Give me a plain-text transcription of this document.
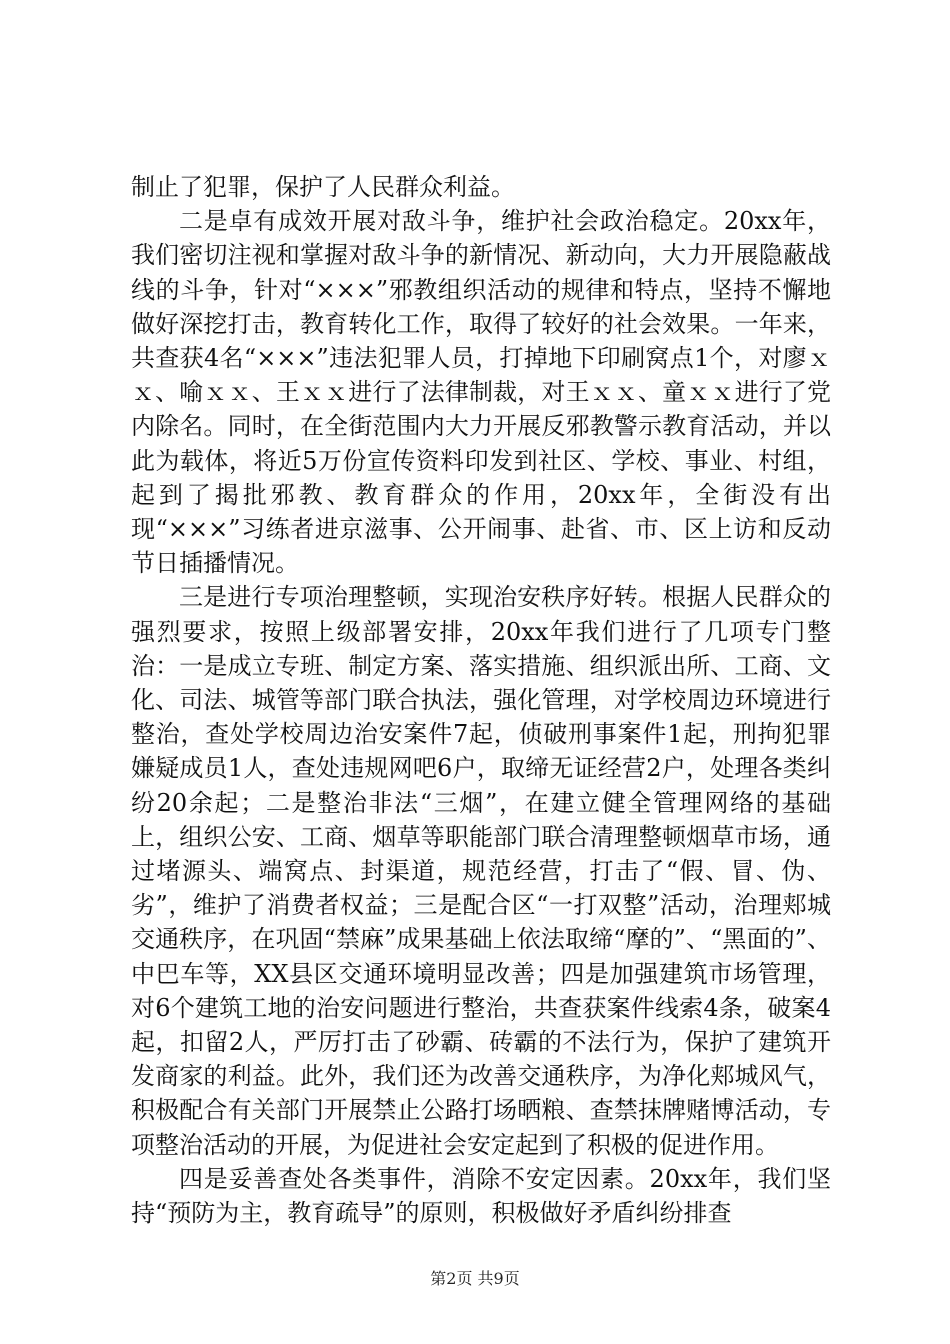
制止了犯罪，保护了人民群众利益。

二是卓有成效开展对敌斗争，维护社会政治稳定。20xx年，我们密切注视和掌握对敌斗争的新情况、新动向，大力开展隐蔽战线的斗争，针对“×××”邪教组织活动的规律和特点，坚持不懈地做好深挖打击，教育转化工作，取得了较好的社会效果。一年来，共查获4名“×××”违法犯罪人员，打掉地下印刷窝点1个，对廖ｘｘ、喻ｘｘ、王ｘｘ进行了法律制裁，对王ｘｘ、童ｘｘ进行了党内除名。同时，在全街范围内大力开展反邪教警示教育活动，并以此为载体，将近5万份宣传资料印发到社区、学校、事业、村组，起到了揭批邪教、教育群众的作用，20xx年，全街没有出现“×××”习练者进京滋事、公开闹事、赴省、市、区上访和反动节日插播情况。

三是进行专项治理整顿，实现治安秩序好转。根据人民群众的强烈要求，按照上级部署安排，20xx年我们进行了几项专门整治：一是成立专班、制定方案、落实措施、组织派出所、工商、文化、司法、城管等部门联合执法，强化管理，对学校周边环境进行整治，查处学校周边治安案件7起，侦破刑事案件1起，刑拘犯罪嫌疑成员1人，查处违规网吧6户，取缔无证经营2户，处理各类纠纷20余起；二是整治非法“三烟”，在建立健全管理网络的基础上，组织公安、工商、烟草等职能部门联合清理整顿烟草市场，通过堵源头、端窝点、封渠道，规范经营，打击了“假、冒、伪、劣”，维护了消费者权益；三是配合区“一打双整”活动，治理郏城交通秩序，在巩固“禁麻”成果基础上依法取缔“摩的”、“黑面的”、中巴车等，XX县区交通环境明显改善；四是加强建筑市场管理，对6个建筑工地的治安问题进行整治，共查获案件线索4条，破案4起，扣留2人，严厉打击了砂霸、砖霸的不法行为，保护了建筑开发商家的利益。此外，我们还为改善交通秩序，为净化郏城风气，积极配合有关部门开展禁止公路打场晒粮、查禁抹牌赌博活动，专项整治活动的开展，为促进社会安定起到了积极的促进作用。

四是妥善查处各类事件，消除不安定因素。20xx年，我们坚持“预防为主，教育疏导”的原则，积极做好矛盾纠纷排查

第2页 共9页
